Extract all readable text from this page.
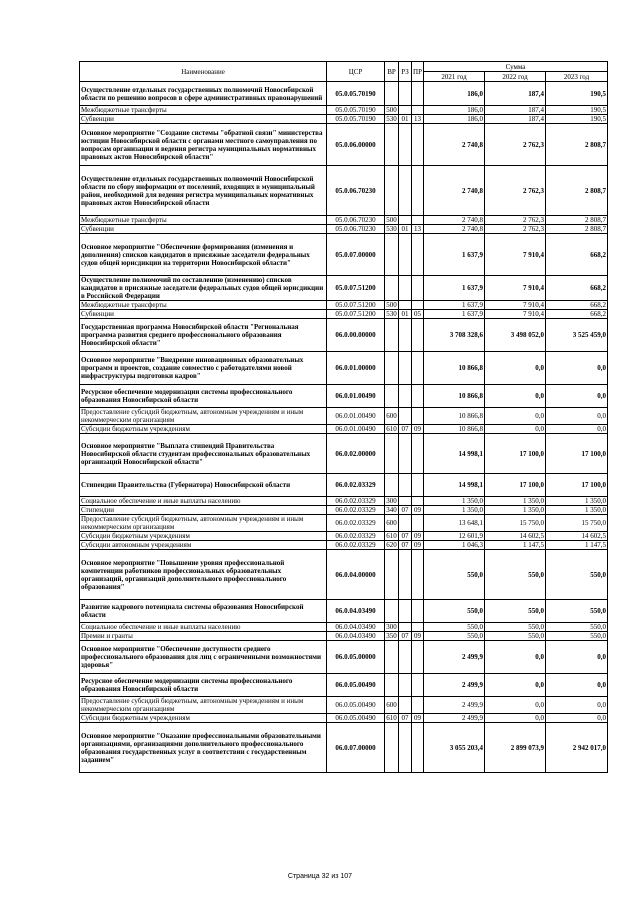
Наименование	ЦСР	ВР	РЗ	ПР	Сумма		
					2021 год	2022 год	2023 год
Осуществление отдельных государственных полномочий Новосибирской области по решению вопросов в сфере административных правонарушений	05.0.05.70190				186,0	187,4	190,5
Межбюджетные трансферты	05.0.05.70190	500			186,0	187,4	190,5
Субвенции	05.0.05.70190	530	01	13	186,0	187,4	190,5
Основное мероприятие "Создание системы "обратной связи" министерства юстиции Новосибирской области с органами местного самоуправления по вопросам организации и ведения регистра муниципальных нормативных правовых актов Новосибирской области"	05.0.06.00000				2 740,8	2 762,3	2 808,7
Осуществление отдельных государственных полномочий Новосибирской области по сбору информации от поселений, входящих в муниципальный район, необходимой для ведения регистра муниципальных нормативных правовых актов Новосибирской области	05.0.06.70230				2 740,8	2 762,3	2 808,7
Межбюджетные трансферты	05.0.06.70230	500			2 740,8	2 762,3	2 808,7
Субвенции	05.0.06.70230	530	01	13	2 740,8	2 762,3	2 808,7
Основное мероприятие "Обеспечение формирования (изменения и дополнения) списков кандидатов в присяжные заседатели федеральных судов общей юрисдикции на территории Новосибирской области"	05.0.07.00000				1 637,9	7 910,4	668,2
Осуществление полномочий по составлению (изменению) списков кандидатов в присяжные заседатели федеральных судов общей юрисдикции в Российской Федерации	05.0.07.51200				1 637,9	7 910,4	668,2
Межбюджетные трансферты	05.0.07.51200	500			1 637,9	7 910,4	668,2
Субвенции	05.0.07.51200	530	01	05	1 637,9	7 910,4	668,2
Государственная программа Новосибирской области "Региональная программа развития среднего профессионального образования Новосибирской области"	06.0.00.00000				3 708 328,6	3 498 052,0	3 525 459,0
Основное мероприятие "Внедрение инновационных образовательных программ и проектов, создание совместно с работодателями новой инфраструктуры подготовки кадров"	06.0.01.00000				10 866,8	0,0	0,0
Ресурсное обеспечение модернизации системы профессионального образования Новосибирской области	06.0.01.00490				10 866,8	0,0	0,0
Предоставление субсидий бюджетным, автономным учреждениям и иным некоммерческим организациям	06.0.01.00490	600			10 866,8	0,0	0,0
Субсидии бюджетным учреждениям	06.0.01.00490	610	07	09	10 866,8	0,0	0,0
Основное мероприятие "Выплата стипендий Правительства Новосибирской области студентам профессиональных образовательных организаций Новосибирской области"	06.0.02.00000				14 998,1	17 100,0	17 100,0
Стипендии Правительства (Губернатора) Новосибирской области	06.0.02.03329				14 998,1	17 100,0	17 100,0
Социальное обеспечение и иные выплаты населению	06.0.02.03329	300			1 350,0	1 350,0	1 350,0
Стипендии	06.0.02.03329	340	07	09	1 350,0	1 350,0	1 350,0
Предоставление субсидий бюджетным, автономным учреждениям и иным некоммерческим организациям	06.0.02.03329	600			13 648,1	15 750,0	15 750,0
Субсидии бюджетным учреждениям	06.0.02.03329	610	07	09	12 601,9	14 602,5	14 602,5
Субсидии автономным учреждениям	06.0.02.03329	620	07	09	1 046,3	1 147,5	1 147,5
Основное мероприятие "Повышение уровня профессиональной компетенции работников профессиональных образовательных организаций, организаций дополнительного профессионального образования"	06.0.04.00000				550,0	550,0	550,0
Развитие кадрового потенциала системы образования Новосибирской области	06.0.04.03490				550,0	550,0	550,0
Социальное обеспечение и иные выплаты населению	06.0.04.03490	300			550,0	550,0	550,0
Премии и гранты	06.0.04.03490	350	07	09	550,0	550,0	550,0
Основное мероприятие "Обеспечение доступности среднего профессионального образования для лиц с ограниченными возможностями здоровья"	06.0.05.00000				2 499,9	0,0	0,0
Ресурсное обеспечение модернизации системы профессионального образования Новосибирской области	06.0.05.00490				2 499,9	0,0	0,0
Предоставление субсидий бюджетным, автономным учреждениям и иным некоммерческим организациям	06.0.05.00490	600			2 499,9	0,0	0,0
Субсидии бюджетным учреждениям	06.0.05.00490	610	07	09	2 499,9	0,0	0,0
Основное мероприятие "Оказание профессиональными образовательными организациями, организациями дополнительного профессионального образования государственных услуг в соответствии с государственным заданием"	06.0.07.00000				3 055 203,4	2 899 073,9	2 942 017,0
Страница 32 из 107
